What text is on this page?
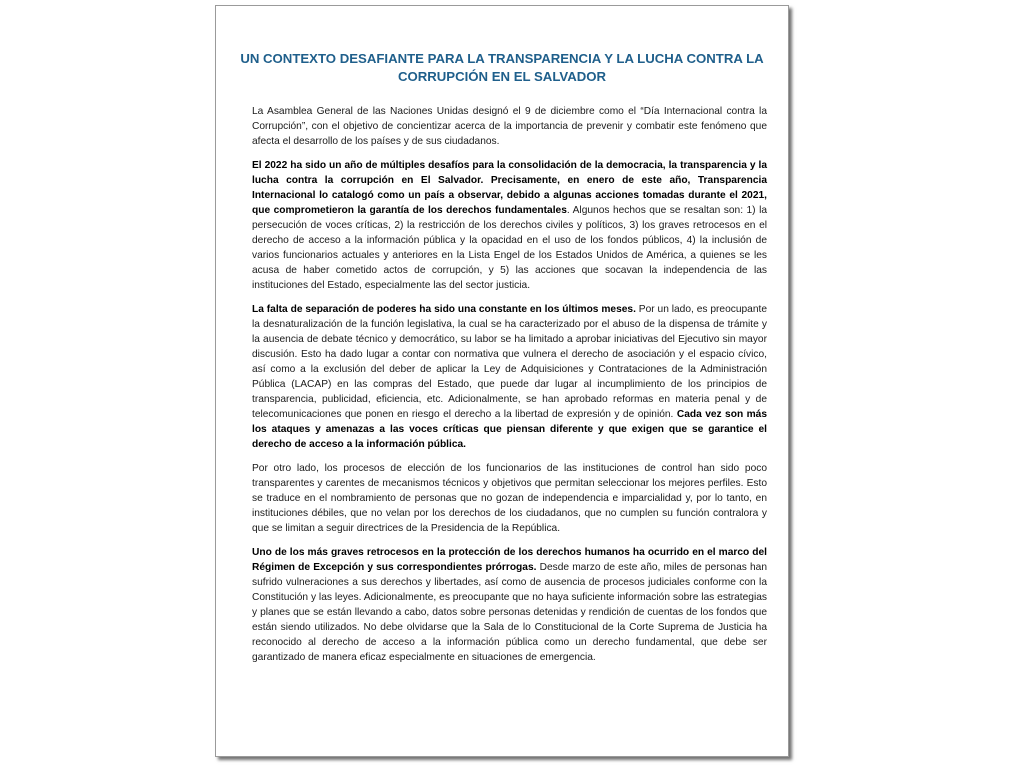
UN CONTEXTO DESAFIANTE PARA LA TRANSPARENCIA Y LA LUCHA CONTRA LA
CORRUPCIÓN EN EL SALVADOR

La Asamblea General de las Naciones Unidas designó el 9 de diciembre como el “Día Internacional contra la Corrupción”, con el objetivo de concientizar acerca de la importancia de prevenir y combatir este fenómeno que afecta el desarrollo de los países y de sus ciudadanos.

El 2022 ha sido un año de múltiples desafíos para la consolidación de la democracia, la transparencia y la lucha contra la corrupción en El Salvador. Precisamente, en enero de este año, Transparencia Internacional lo catalogó como un país a observar, debido a algunas acciones tomadas durante el 2021, que comprometieron la garantía de los derechos fundamentales. Algunos hechos que se resaltan son: 1) la persecución de voces críticas, 2) la restricción de los derechos civiles y políticos, 3) los graves retrocesos en el derecho de acceso a la información pública y la opacidad en el uso de los fondos públicos, 4) la inclusión de varios funcionarios actuales y anteriores en la Lista Engel de los Estados Unidos de América, a quienes se les acusa de haber cometido actos de corrupción, y 5) las acciones que socavan la independencia de las instituciones del Estado, especialmente las del sector justicia.

La falta de separación de poderes ha sido una constante en los últimos meses. Por un lado, es preocupante la desnaturalización de la función legislativa, la cual se ha caracterizado por el abuso de la dispensa de trámite y la ausencia de debate técnico y democrático, su labor se ha limitado a aprobar iniciativas del Ejecutivo sin mayor discusión. Esto ha dado lugar a contar con normativa que vulnera el derecho de asociación y el espacio cívico, así como a la exclusión del deber de aplicar la Ley de Adquisiciones y Contrataciones de la Administración Pública (LACAP) en las compras del Estado, que puede dar lugar al incumplimiento de los principios de transparencia, publicidad, eficiencia, etc. Adicionalmente, se han aprobado reformas en materia penal y de telecomunicaciones que ponen en riesgo el derecho a la libertad de expresión y de opinión. Cada vez son más los ataques y amenazas a las voces críticas que piensan diferente y que exigen que se garantice el derecho de acceso a la información pública.

Por otro lado, los procesos de elección de los funcionarios de las instituciones de control han sido poco transparentes y carentes de mecanismos técnicos y objetivos que permitan seleccionar los mejores perfiles. Esto se traduce en el nombramiento de personas que no gozan de independencia e imparcialidad y, por lo tanto, en instituciones débiles, que no velan por los derechos de los ciudadanos, que no cumplen su función contralora y que se limitan a seguir directrices de la Presidencia de la República.

Uno de los más graves retrocesos en la protección de los derechos humanos ha ocurrido en el marco del Régimen de Excepción y sus correspondientes prórrogas. Desde marzo de este año, miles de personas han sufrido vulneraciones a sus derechos y libertades, así como de ausencia de procesos judiciales conforme con la Constitución y las leyes. Adicionalmente, es preocupante que no haya suficiente información sobre las estrategias y planes que se están llevando a cabo, datos sobre personas detenidas y rendición de cuentas de los fondos que están siendo utilizados. No debe olvidarse que la Sala de lo Constitucional de la Corte Suprema de Justicia ha reconocido al derecho de acceso a la información pública como un derecho fundamental, que debe ser garantizado de manera eficaz especialmente en situaciones de emergencia.
